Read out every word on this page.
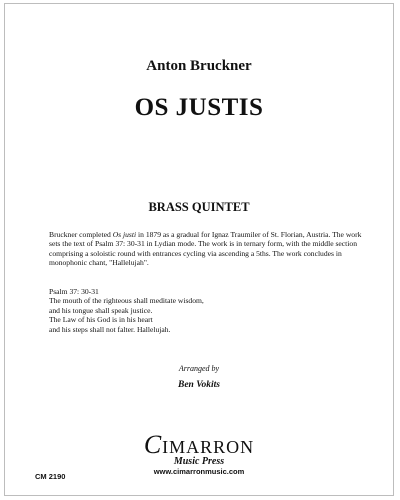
Anton Bruckner
OS JUSTIS
BRASS QUINTET

Bruckner completed Os justi in 1879 as a gradual for Ignaz Traumiler of St. Florian, Austria. The work sets the text of Psalm 37: 30-31 in Lydian mode. The work is in ternary form, with the middle section comprising a soloistic round with entrances cycling via ascending a 5ths. The work concludes in monophonic chant, "Hallelujah".

Psalm 37: 30-31
The mouth of the righteous shall meditate wisdom,
and his tongue shall speak justice.
The Law of his God is in his heart
and his steps shall not falter. Hallelujah.
Arranged by
Ben Vokits
CIMARRON
Music Press
www.cimarronmusic.com
CM 2190
